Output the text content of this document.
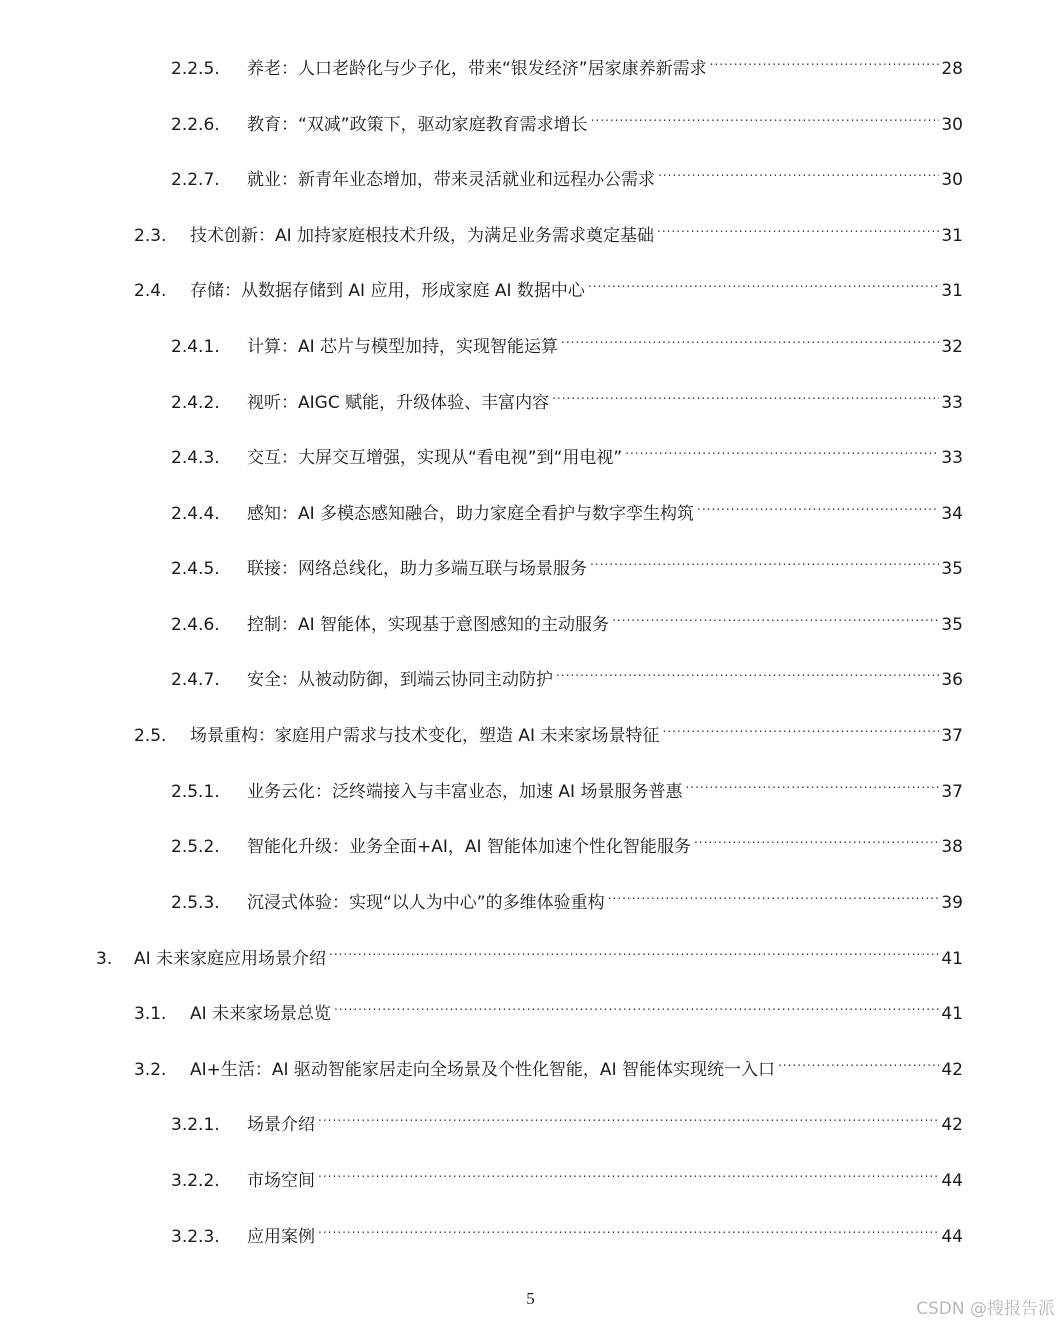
2.2.5.	养老：人口老龄化与少子化，带来“银发经济”居家康养新需求 .....	28
2.2.6.	教育：“双减”政策下，驱动家庭教育需求增长 .....	30
2.2.7.	就业：新青年业态增加，带来灵活就业和远程办公需求 .....	30
2.3.	技术创新：AI 加持家庭根技术升级，为满足业务需求奠定基础 .....	31
2.4.	存储：从数据存储到 AI 应用，形成家庭 AI 数据中心 .....	31
2.4.1.	计算：AI 芯片与模型加持，实现智能运算 .....	32
2.4.2.	视听：AIGC 赋能，升级体验、丰富内容 .....	33
2.4.3.	交互：大屏交互增强，实现从“看电视”到“用电视” .....	33
2.4.4.	感知：AI 多模态感知融合，助力家庭全看护与数字孪生构筑 .....	34
2.4.5.	联接：网络总线化，助力多端互联与场景服务 .....	35
2.4.6.	控制：AI 智能体，实现基于意图感知的主动服务 .....	35
2.4.7.	安全：从被动防御，到端云协同主动防护 .....	36
2.5.	场景重构：家庭用户需求与技术变化，塑造 AI 未来家场景特征 .....	37
2.5.1.	业务云化：泛终端接入与丰富业态，加速 AI 场景服务普惠 .....	37
2.5.2.	智能化升级：业务全面+AI，AI 智能体加速个性化智能服务 .....	38
2.5.3.	沉浸式体验：实现“以人为中心”的多维体验重构 .....	39
3.	AI 未来家庭应用场景介绍 .....	41
3.1.	AI 未来家场景总览 .....	41
3.2.	AI+生活：AI 驱动智能家居走向全场景及个性化智能，AI 智能体实现统一入口 .....	42
3.2.1.	场景介绍 .....	42
3.2.2.	市场空间 .....	44
3.2.3.	应用案例 .....	44
5
CSDN @搜报告派
